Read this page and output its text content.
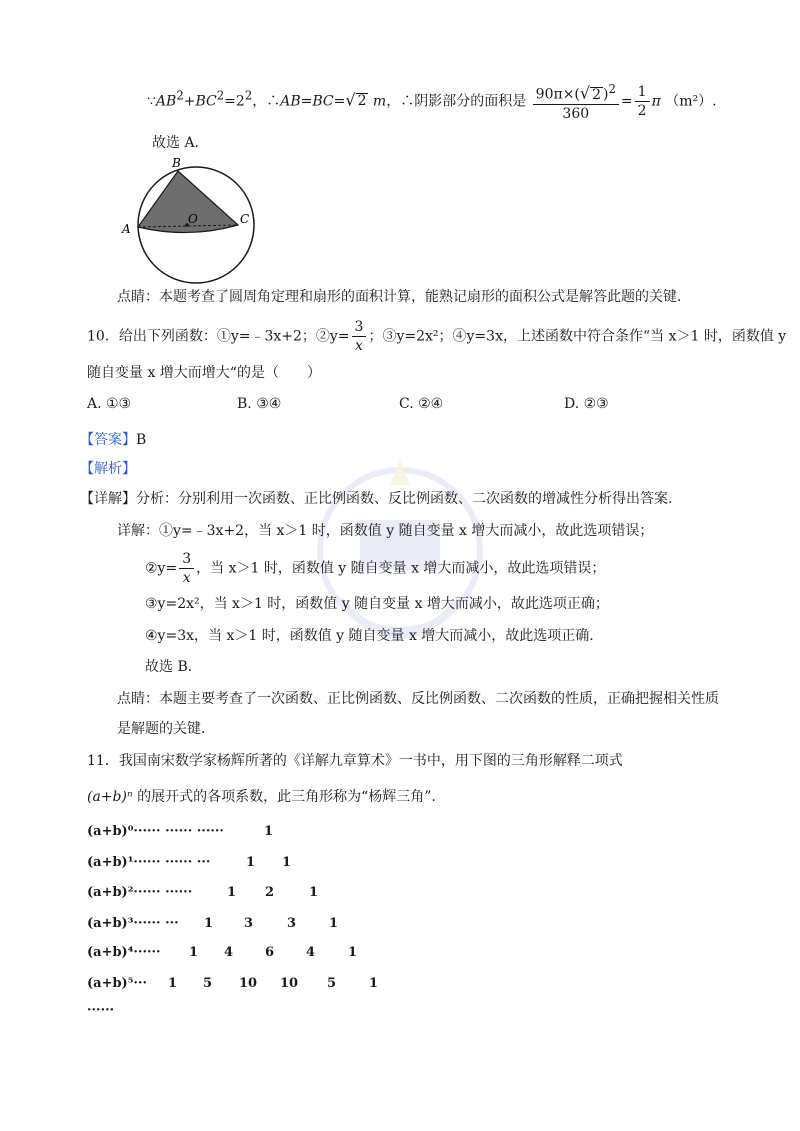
$\because AB^2+BC^2=2^2$，∴AB=BC=√ 2 m，∴阴影部分的面积是 $\frac{90\pi\times(√ 2 )^2}{360} = \frac{1}{2}$ π （m²）.
故选 A．
A
B
C
O
点睛：本题考查了圆周角定理和扇形的面积计算，能熟记扇形的面积公式是解答此题的关键．
10．给出下列函数：①y=﹣3x+2；②y= $\frac{3}{x}$ ；③y=2x²；④y=3x，上述函数中符合条作“当 x＞1 时，函数值 y
随自变量 x 增大而增大“的是（　　）
A. ①③	B. ③④	C. ②④	D. ②③
【答案】B
【解析】
【详解】分析：分别利用一次函数、正比例函数、反比例函数、二次函数的增减性分析得出答案.
详解：①y=﹣3x+2，当 x＞1 时，函数值 y 随自变量 x 增大而减小，故此选项错误；
②y= $\frac{3}{x}$ ，当 x＞1 时，函数值 y 随自变量 x 增大而减小，故此选项错误；
③y=2x²，当 x＞1 时，函数值 y 随自变量 x 增大而减小，故此选项正确；
④y=3x，当 x＞1 时，函数值 y 随自变量 x 增大而减小，故此选项正确.
故选 B．
点睛：本题主要考查了一次函数、正比例函数、反比例函数、二次函数的性质，正确把握相关性质
是解题的关键．
11．我国南宋数学家杨辉所著的《详解九章算术》一书中，用下图的三角形解释二项式
(a+b)ⁿ 的展开式的各项系数，此三角形称为“杨辉三角”.
(a+b)⁰······ ······ ······	1
(a+b)¹······ ······ ···	1 1
(a+b)²······ ······	1 2	1
(a+b)³······ ··· 1 3	3	1
(a+b)⁴······ 1 4 6 4	1
(a+b)⁵··· 1 5 10 10 5	1
······
